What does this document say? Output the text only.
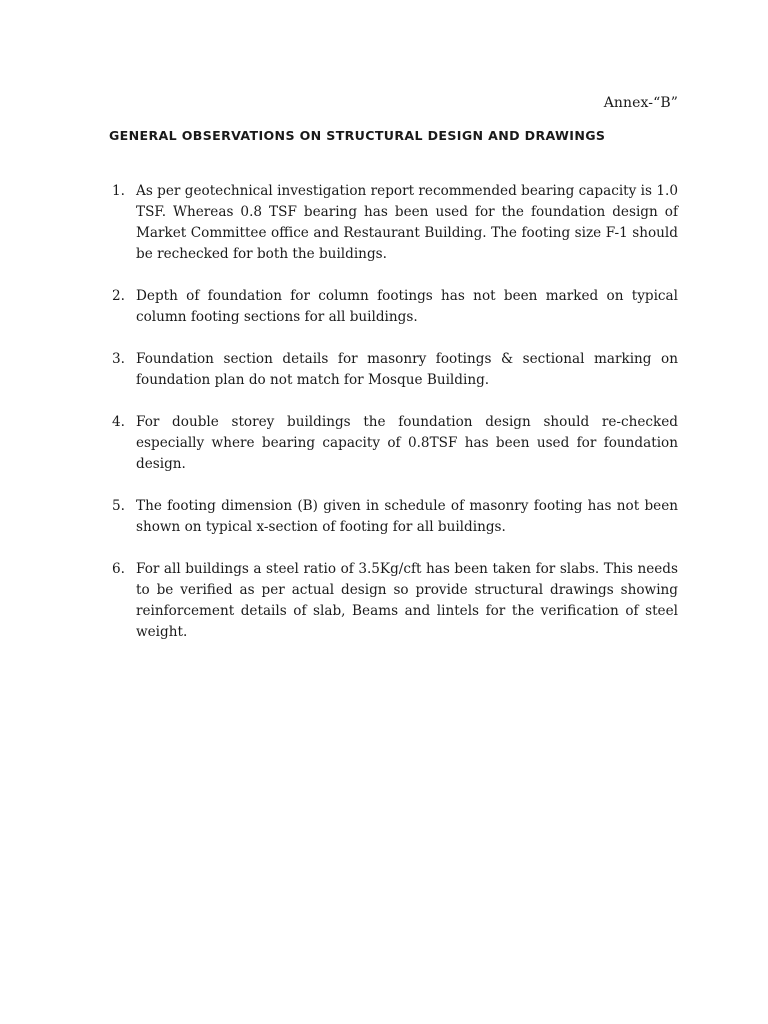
Annex-“B”
GENERAL OBSERVATIONS ON STRUCTURAL DESIGN AND DRAWINGS
1. As per geotechnical investigation report recommended bearing capacity is 1.0 TSF. Whereas 0.8 TSF bearing has been used for the foundation design of Market Committee office and Restaurant Building. The footing size F-1 should be rechecked for both the buildings.
2. Depth of foundation for column footings has not been marked on typical column footing sections for all buildings.
3. Foundation section details for masonry footings & sectional marking on foundation plan do not match for Mosque Building.
4. For double storey buildings the foundation design should re-checked especially where bearing capacity of 0.8TSF has been used for foundation design.
5. The footing dimension (B) given in schedule of masonry footing has not been shown on typical x-section of footing for all buildings.
6. For all buildings a steel ratio of 3.5Kg/cft has been taken for slabs. This needs to be verified as per actual design so provide structural drawings showing reinforcement details of slab, Beams and lintels for the verification of steel weight.
